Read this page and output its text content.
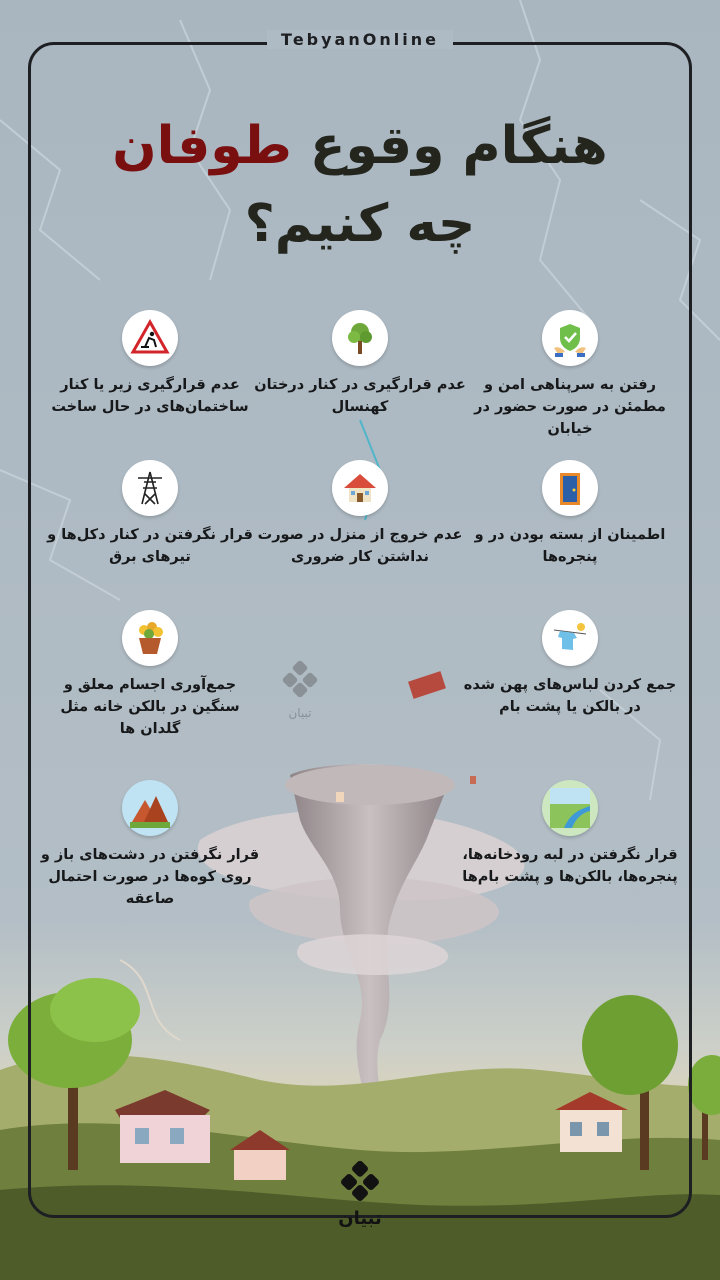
TebyanOnline
هنگام وقوع طوفان
چه کنیم؟
رفتن به سرپناهی امن و مطمئن در صورت حضور در خیابان
عدم قرارگیری در کنار درختان کهنسال
عدم قرارگیری زیر یا کنار ساختمان‌های در حال ساخت
اطمینان از بسته بودن در و پنجره‌ها
عدم خروج از منزل در صورت نداشتن کار ضروری
قرار نگرفتن در کنار دکل‌ها و تیرهای برق
جمع کردن لباس‌های پهن شده در بالکن یا پشت بام
جمع‌آوری اجسام معلق و سنگین در بالکن خانه مثل گلدان ها
قرار نگرفتن در لبه رودخانه‌ها، پنجره‌ها، بالکن‌ها و پشت بام‌ها
قرار نگرفتن در دشت‌های باز و روی کوه‌ها در صورت احتمال صاعقه
تبیان
تبیان
